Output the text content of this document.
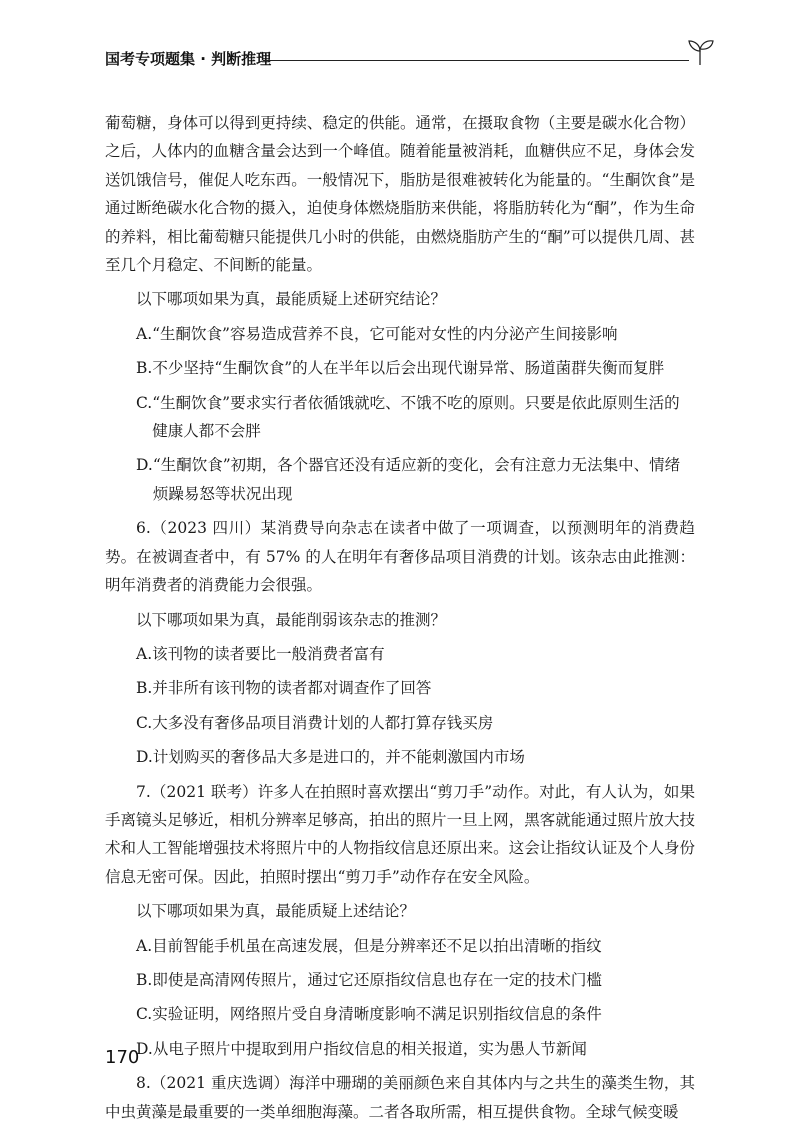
国考专项题集 · 判断推理

葡萄糖，身体可以得到更持续、稳定的供能。通常，在摄取食物（主要是碳水化合物）之后，人体内的血糖含量会达到一个峰值。随着能量被消耗，血糖供应不足，身体会发送饥饿信号，催促人吃东西。一般情况下，脂肪是很难被转化为能量的。“生酮饮食”是通过断绝碳水化合物的摄入，迫使身体燃烧脂肪来供能，将脂肪转化为“酮”，作为生命的养料，相比葡萄糖只能提供几小时的供能，由燃烧脂肪产生的“酮”可以提供几周、甚至几个月稳定、不间断的能量。

以下哪项如果为真，最能质疑上述研究结论？

A. “生酮饮食”容易造成营养不良，它可能对女性的内分泌产生间接影响
B. 不少坚持“生酮饮食”的人在半年以后会出现代谢异常、肠道菌群失衡而复胖
C. “生酮饮食”要求实行者依循饿就吃、不饿不吃的原则。只要是依此原则生活的健康人都不会胖
D. “生酮饮食”初期，各个器官还没有适应新的变化，会有注意力无法集中、情绪烦躁易怒等状况出现

6.（2023 四川）某消费导向杂志在读者中做了一项调查，以预测明年的消费趋势。在被调查者中，有 57% 的人在明年有奢侈品项目消费的计划。该杂志由此推测：明年消费者的消费能力会很强。

以下哪项如果为真，最能削弱该杂志的推测？

A. 该刊物的读者要比一般消费者富有
B. 并非所有该刊物的读者都对调查作了回答
C. 大多没有奢侈品项目消费计划的人都打算存钱买房
D. 计划购买的奢侈品大多是进口的，并不能刺激国内市场

7.（2021 联考）许多人在拍照时喜欢摆出“剪刀手”动作。对此，有人认为，如果手离镜头足够近，相机分辨率足够高，拍出的照片一旦上网，黑客就能通过照片放大技术和人工智能增强技术将照片中的人物指纹信息还原出来。这会让指纹认证及个人身份信息无密可保。因此，拍照时摆出“剪刀手”动作存在安全风险。

以下哪项如果为真，最能质疑上述结论？

A. 目前智能手机虽在高速发展，但是分辨率还不足以拍出清晰的指纹
B. 即使是高清网传照片，通过它还原指纹信息也存在一定的技术门槛
C. 实验证明，网络照片受自身清晰度影响不满足识别指纹信息的条件
D. 从电子照片中提取到用户指纹信息的相关报道，实为愚人节新闻

8.（2021 重庆选调）海洋中珊瑚的美丽颜色来自其体内与之共生的藻类生物，其中虫黄藻是最重要的一类单细胞海藻。二者各取所需，相互提供食物。全球气候变暖

170
